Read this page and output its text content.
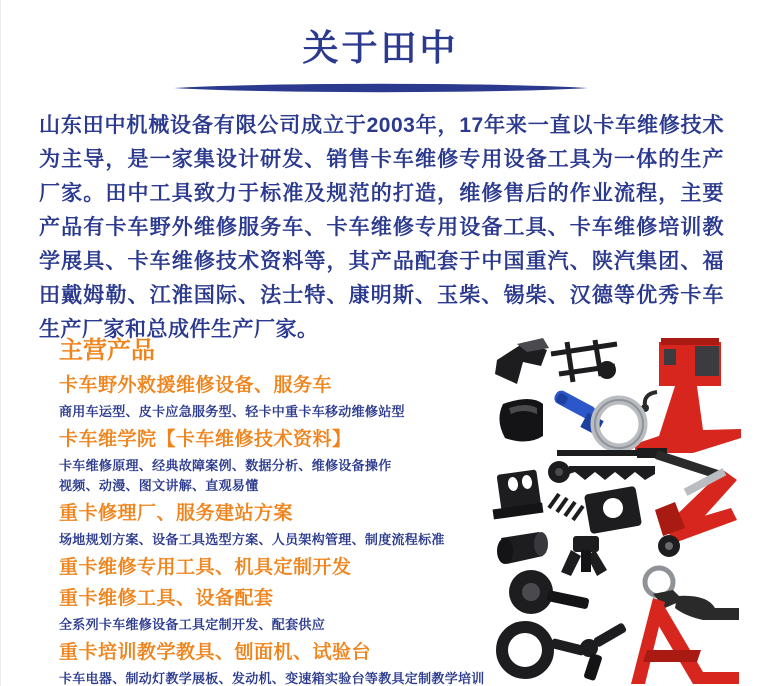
关于田中

山东田中机械设备有限公司成立于2003年，17年来一直以卡车维修技术为主导，是一家集设计研发、销售卡车维修专用设备工具为一体的生产厂家。田中工具致力于标准及规范的打造，维修售后的作业流程，主要产品有卡车野外维修服务车、卡车维修专用设备工具、卡车维修培训教学展具、卡车维修技术资料等，其产品配套于中国重汽、陕汽集团、福田戴姆勒、江淮国际、法士特、康明斯、玉柴、锡柴、汉德等优秀卡车生产厂家和总成件生产厂家。

主营产品
卡车野外救援维修设备、服务车
商用车运型、皮卡应急服务型、轻卡中重卡车移动维修站型
卡车维学院【卡车维修技术资料】
卡车维修原理、经典故障案例、数据分析、维修设备操作
视频、动漫、图文讲解、直观易懂
重卡修理厂、服务建站方案
场地规划方案、设备工具选型方案、人员架构管理、制度流程标准
重卡维修专用工具、机具定制开发
重卡维修工具、设备配套
全系列卡车维修设备工具定制开发、配套供应
重卡培训教学教具、刨面机、试验台
卡车电器、制动灯教学展板、发动机、变速箱实验台等教具定制教学培训
